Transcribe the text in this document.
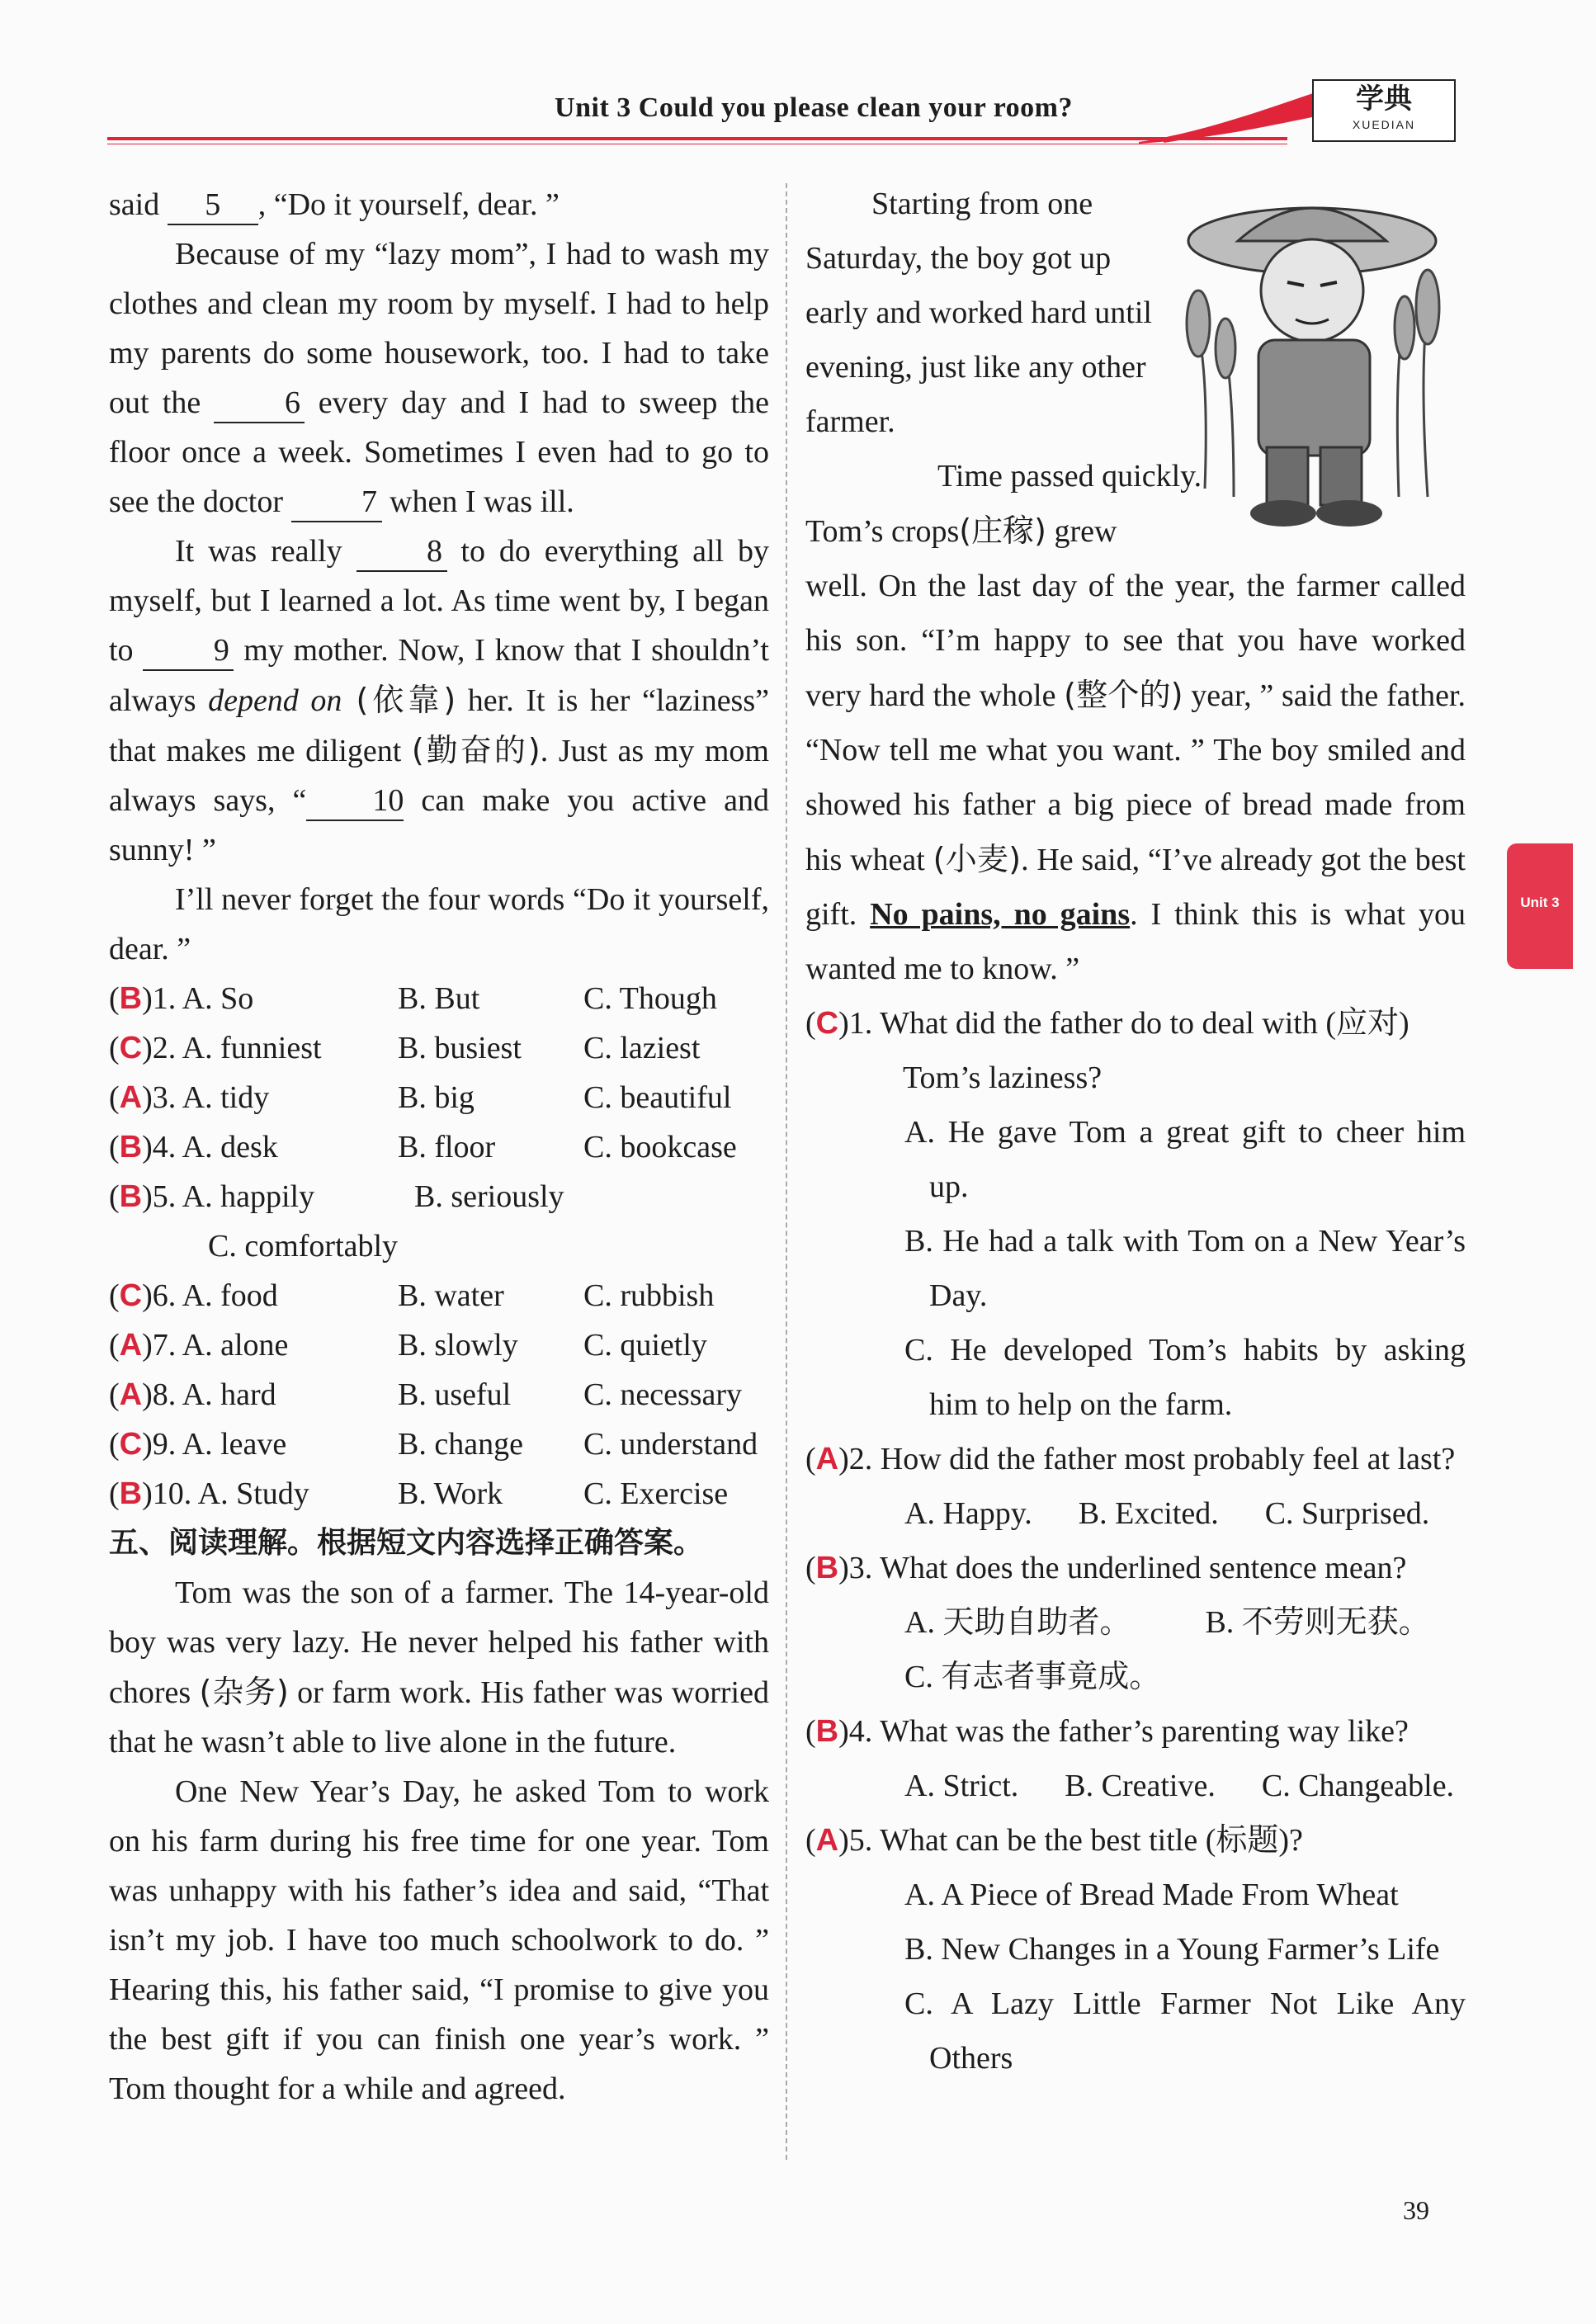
Unit 3 Could you please clean your room?	学典
XUEDIAN

said 5 , “Do it yourself, dear. ”

Because of my “lazy mom”, I had to wash my clothes and clean my room by myself. I had to help my parents do some housework, too. I had to take out the 6 every day and I had to sweep the floor once a week. Sometimes I even had to go to see the doctor 7 when I was ill.

It was really 8 to do everything all by myself, but I learned a lot. As time went by, I began to 9 my mother. Now, I know that I shouldn’t always depend on (依靠) her. It is her “laziness” that makes me diligent (勤奋的). Just as my mom always says, “ 10 can make you active and sunny! ”

I’ll never forget the four words “Do it yourself, dear. ”

(B)1. A. So	B. But	C. Though
(C)2. A. funniest B. busiest C. laziest
(A)3. A. tidy	B. big	C. beautiful
(B)4. A. desk	B. floor	C. bookcase
(B)5. A. happily	B. seriously
C. comfortably
(C)6. A. food	B. water	C. rubbish
(A)7. A. alone	B. slowly C. quietly
(A)8. A. hard	B. useful C. necessary
(C)9. A. leave	B. change C. understand
(B)10. A. Study	B. Work	C. Exercise

五、阅读理解。根据短文内容选择正确答案。

Tom was the son of a farmer. The 14-year-old boy was very lazy. He never helped his father with chores (杂务) or farm work. His father was worried that he wasn’t able to live alone in the future.

One New Year’s Day, he asked Tom to work on his farm during his free time for one year. Tom was unhappy with his father’s idea and said, “That isn’t my job. I have too much schoolwork to do. ” Hearing this, his father said, “I promise to give you the best gift if you can finish one year’s work. ” Tom thought for a while and agreed.

Starting from one Saturday, the boy got up early and worked hard until evening, just like any other farmer.

Time passed quickly.
Tom’s crops(庄稼) grew

well. On the last day of the year, the farmer called his son. “I’m happy to see that you have worked very hard the whole (整个的) year, ” said the father. “Now tell me what you want. ” The boy smiled and showed his father a big piece of bread made from his wheat (小麦). He said, “I’ve already got the best gift. No pains, no gains. I think this is what you wanted me to know. ”

(C)1. What did the father do to deal with (应对) Tom’s laziness?

A. He gave Tom a great gift to cheer him up.

B. He had a talk with Tom on a New Year’s Day.

C. He developed Tom’s habits by asking him to help on the farm.

(A)2. How did the father most probably feel at last?

A. Happy. B. Excited. C. Surprised.

(B)3. What does the underlined sentence mean?

A. 天助自助者。 B. 不劳则无获。

C. 有志者事竟成。

(B)4. What was the father’s parenting way like?

A. Strict. B. Creative. C. Changeable.

(A)5. What can be the best title (标题)?

A. A Piece of Bread Made From Wheat

B. New Changes in a Young Farmer’s Life

C. A Lazy Little Farmer Not Like Any Others

Unit 3
39
